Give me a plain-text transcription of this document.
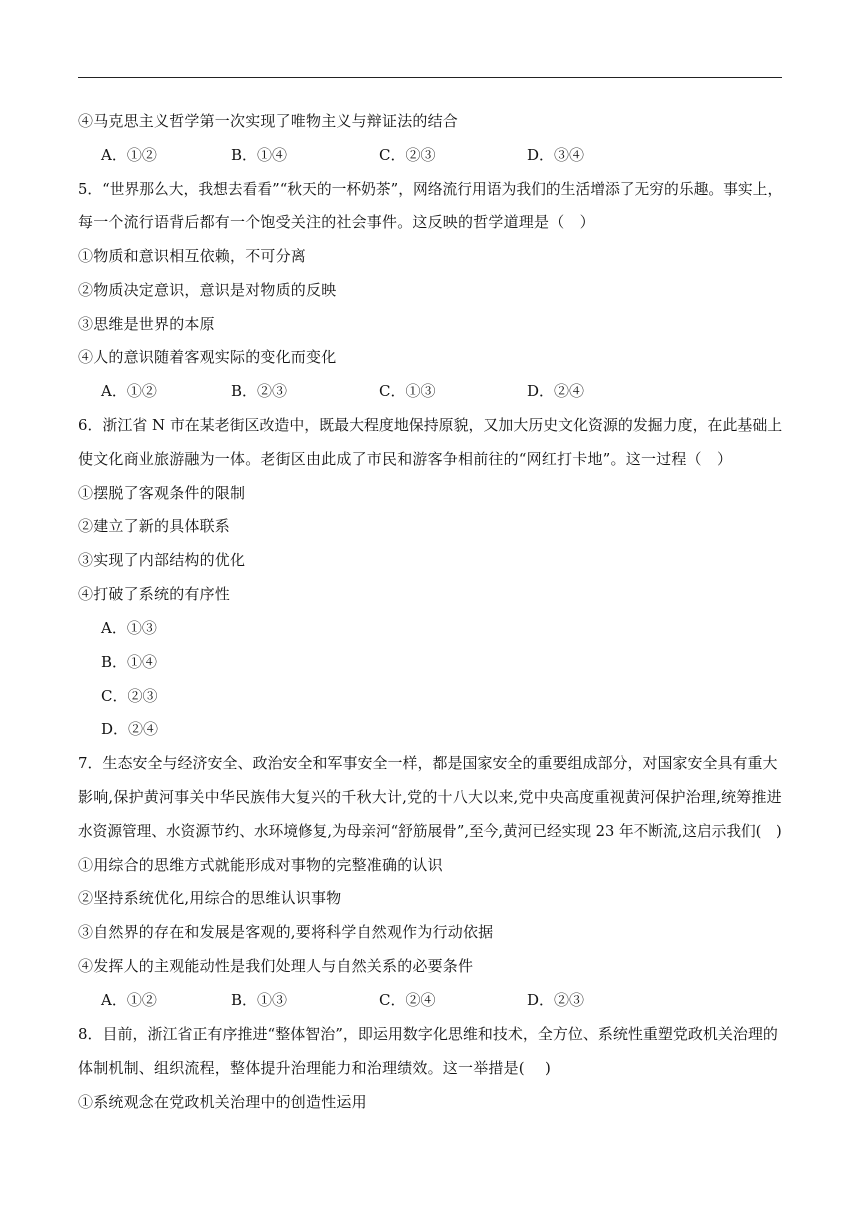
④马克思主义哲学第一次实现了唯物主义与辩证法的结合
A．①②	B．①④	C．②③	D．③④
5．“世界那么大，我想去看看”“秋天的一杯奶茶”，网络流行用语为我们的生活增添了无穷的乐趣。事实上，
每一个流行语背后都有一个饱受关注的社会事件。这反映的哲学道理是（　）
①物质和意识相互依赖，不可分离
②物质决定意识，意识是对物质的反映
③思维是世界的本原
④人的意识随着客观实际的变化而变化
A．①②	B．②③	C．①③	D．②④
6．浙江省 N 市在某老街区改造中，既最大程度地保持原貌，又加大历史文化资源的发掘力度，在此基础上
使文化商业旅游融为一体。老街区由此成了市民和游客争相前往的“网红打卡地”。这一过程（　）
①摆脱了客观条件的限制
②建立了新的具体联系
③实现了内部结构的优化
④打破了系统的有序性
A．①③
B．①④
C．②③
D．②④
7．生态安全与经济安全、政治安全和军事安全一样，都是国家安全的重要组成部分，对国家安全具有重大
影响,保护黄河事关中华民族伟大复兴的千秋大计,党的十八大以来,党中央高度重视黄河保护治理,统筹推进
水资源管理、水资源节约、水环境修复,为母亲河“舒筋展骨”,至今,黄河已经实现 23 年不断流,这启示我们(　)
①用综合的思维方式就能形成对事物的完整准确的认识
②坚持系统优化,用综合的思维认识事物
③自然界的存在和发展是客观的,要将科学自然观作为行动依据
④发挥人的主观能动性是我们处理人与自然关系的必要条件
A．①②	B．①③	C．②④	D．②③
8．目前，浙江省正有序推进“整体智治”，即运用数字化思维和技术，全方位、系统性重塑党政机关治理的
体制机制、组织流程，整体提升治理能力和治理绩效。这一举措是(　 )
①系统观念在党政机关治理中的创造性运用
